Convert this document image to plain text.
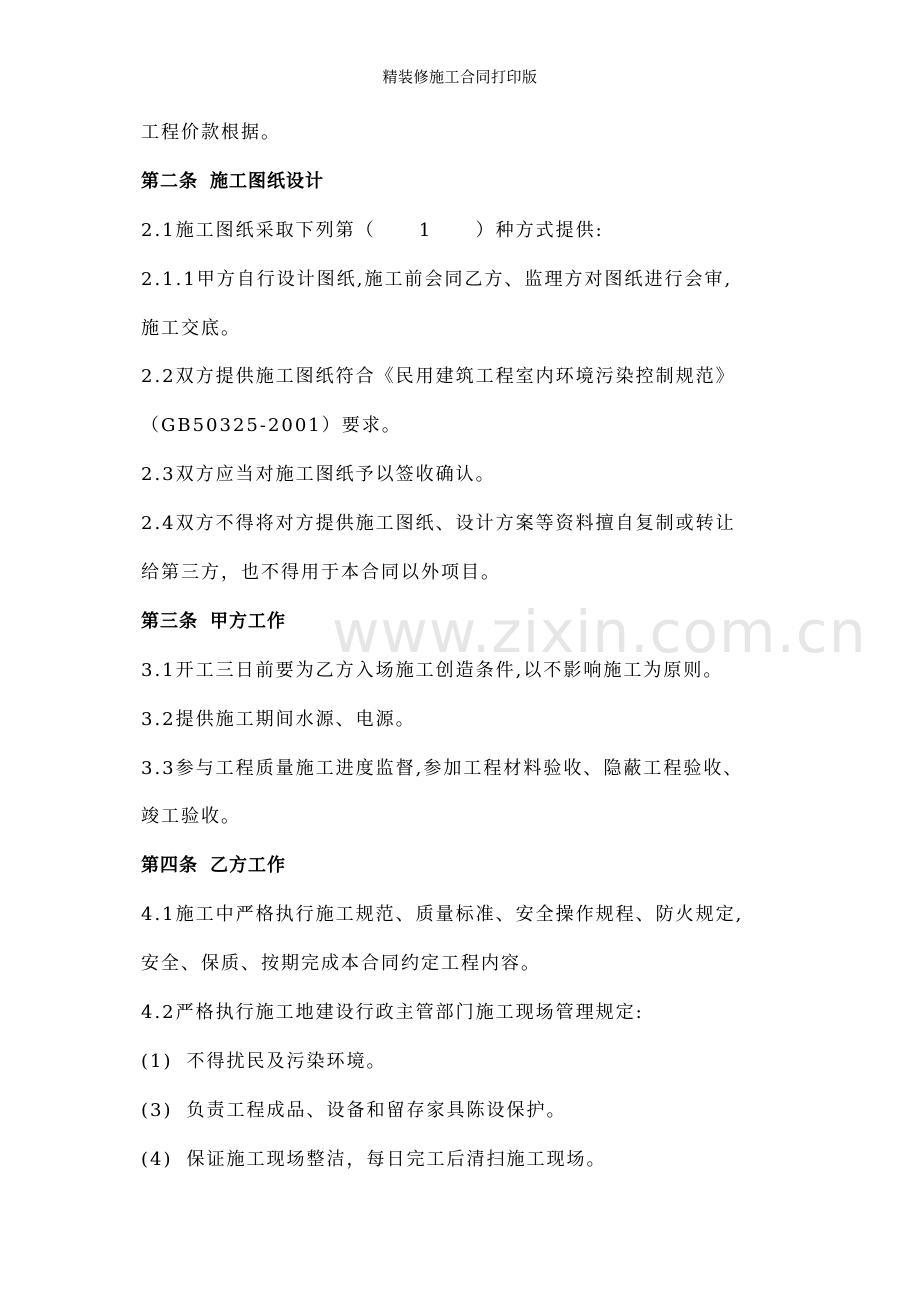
精装修施工合同打印版
www.zixin.com.cn
工程价款根据。
第二条 施工图纸设计
2.1施工图纸采取下列第（ 1 ）种方式提供:
2.1.1甲方自行设计图纸,施工前会同乙方、监理方对图纸进行会审,
施工交底。
2.2双方提供施工图纸符合《民用建筑工程室内环境污染控制规范》
（GB50325-2001）要求。
2.3双方应当对施工图纸予以签收确认。
2.4双方不得将对方提供施工图纸、设计方案等资料擅自复制或转让
给第三方，也不得用于本合同以外项目。
第三条 甲方工作
3.1开工三日前要为乙方入场施工创造条件,以不影响施工为原则。
3.2提供施工期间水源、电源。
3.3参与工程质量施工进度监督,参加工程材料验收、隐蔽工程验收、
竣工验收。
第四条 乙方工作
4.1施工中严格执行施工规范、质量标准、安全操作规程、防火规定,
安全、保质、按期完成本合同约定工程内容。
4.2严格执行施工地建设行政主管部门施工现场管理规定:
(1) 不得扰民及污染环境。
(3) 负责工程成品、设备和留存家具陈设保护。
(4) 保证施工现场整洁，每日完工后清扫施工现场。
